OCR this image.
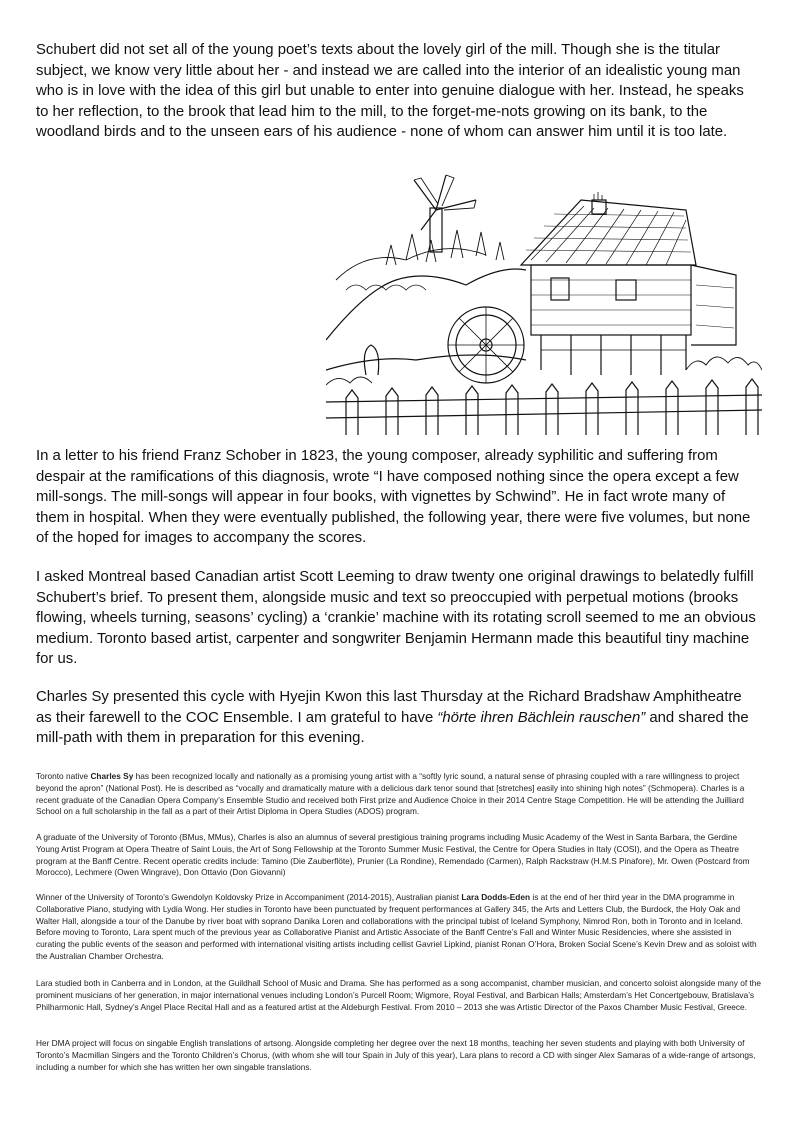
Schubert did not set all of the young poet’s texts about the lovely girl of the mill. Though she is the titular subject, we know very little about her - and instead we are called into the interior of an idealistic young man who is in love with the idea of this girl but unable to enter into genuine dialogue with her. Instead, he speaks to her reflection, to the brook that lead him to the mill, to the forget-me-nots growing on its bank, to the woodland birds and to the unseen ears of his audience - none of whom can answer him until it is too late.

In a letter to his friend Franz Schober in 1823, the young composer, already syphilitic and suffering from despair at the ramifications of this diagnosis, wrote “I have composed nothing since the opera except a few mill-songs. The mill-songs will appear in four books, with vignettes by Schwind”. He in fact wrote many of them in hospital. When they were eventually published, the following year, there were five volumes, but none of the hoped for images to accompany the scores.

I asked Montreal based Canadian artist Scott Leeming to draw twenty one original drawings to belatedly fulfill Schubert’s brief. To present them, alongside music and text so preoccupied with perpetual motions (brooks flowing, wheels turning, seasons’ cycling) a ‘crankie’ machine with its rotating scroll seemed to me an obvious medium. Toronto based artist, carpenter and songwriter Benjamin Hermann made this beautiful tiny machine for us.

Charles Sy presented this cycle with Hyejin Kwon this last Thursday at the Richard Bradshaw Amphitheatre as their farewell to the COC Ensemble. I am grateful to have “hörte ihren Bächlein rauschen” and shared the mill-path with them in preparation for this evening.

Toronto native Charles Sy has been recognized locally and nationally as a promising young artist with a “softly lyric sound, a natural sense of phrasing coupled with a rare willingness to project beyond the apron” (National Post). He is described as “vocally and dramatically mature with a delicious dark tenor sound that [stretches] easily into shining high notes” (Schmopera). Charles is a recent graduate of the Canadian Opera Company’s Ensemble Studio and received both First prize and Audience Choice in their 2014 Centre Stage Competition. He will be attending the Juilliard School on a full scholarship in the fall as a part of their Artist Diploma in Opera Studies (ADOS) program.

A graduate of the University of Toronto (BMus, MMus), Charles is also an alumnus of several prestigious training programs including Music Academy of the West in Santa Barbara, the Gerdine Young Artist Program at Opera Theatre of Saint Louis, the Art of Song Fellowship at the Toronto Summer Music Festival, the Centre for Opera Studies in Italy (COSI), and the Opera as Theatre program at the Banff Centre. Recent operatic credits include: Tamino (Die Zauberflöte), Prunier (La Rondine), Remendado (Carmen), Ralph Rackstraw (H.M.S Pinafore), Mr. Owen (Postcard from Morocco), Lechmere (Owen Wingrave), Don Ottavio (Don Giovanni)

Winner of the University of Toronto’s Gwendolyn Koldovsky Prize in Accompaniment (2014-2015), Australian pianist Lara Dodds-Eden is at the end of her third year in the DMA programme in Collaborative Piano, studying with Lydia Wong. Her studies in Toronto have been punctuated by frequent performances at Gallery 345, the Arts and Letters Club, the Burdock, the Holy Oak and Walter Hall, alongside a tour of the Danube by river boat with soprano Danika Loren and collaborations with the principal tubist of Iceland Symphony, Nimrod Ron, both in Toronto and in Iceland. Before moving to Toronto, Lara spent much of the previous year as Collaborative Pianist and Artistic Associate of the Banff Centre’s Fall and Winter Music Residencies, where she assisted in curating the public events of the season and performed with international visiting artists including cellist Gavriel Lipkind, pianist Ronan O’Hora, Broken Social Scene’s Kevin Drew and as soloist with the Australian Chamber Orchestra.

Lara studied both in Canberra and in London, at the Guildhall School of Music and Drama. She has performed as a song accompanist, chamber musician, and concerto soloist alongside many of the prominent musicians of her generation, in major international venues including London’s Purcell Room; Wigmore, Royal Festival, and Barbican Halls; Amsterdam’s Het Concertgebouw, Bratislava’s Philharmonic Hall, Sydney’s Angel Place Recital Hall and as a featured artist at the Aldeburgh Festival. From 2010 – 2013 she was Artistic Director of the Paxos Chamber Music Festival, Greece.

Her DMA project will focus on singable English translations of artsong. Alongside completing her degree over the next 18 months, teaching her seven students and playing with both University of Toronto’s Macmillan Singers and the Toronto Children’s Chorus, (with whom she will tour Spain in July of this year), Lara plans to record a CD with singer Alex Samaras of a wide-range of artsongs, including a number for which she has written her own singable translations.
